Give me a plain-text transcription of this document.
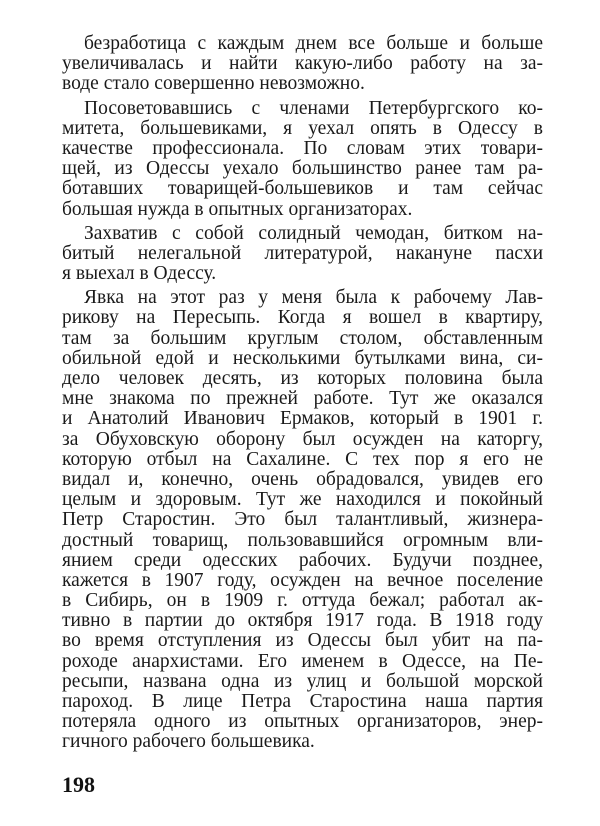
безработица с каждым днем все больше и больше
увеличивалась и найти какую-либо работу на за-
воде стало совершенно невозможно.
Посоветовавшись с членами Петербургского ко-
митета, большевиками, я уехал опять в Одессу в
качестве профессионала. По словам этих товари-
щей, из Одессы уехало большинство ранее там ра-
ботавших товарищей-большевиков и там сейчас
большая нужда в опытных организаторах.
Захватив с собой солидный чемодан, битком на-
битый нелегальной литературой, накануне пасхи
я выехал в Одессу.
Явка на этот раз у меня была к рабочему Лав-
рикову на Пересыпь. Когда я вошел в квартиру,
там за большим круглым столом, обставленным
обильной едой и несколькими бутылками вина, си-
дело человек десять, из которых половина была
мне знакома по прежней работе. Тут же оказался
и Анатолий Иванович Ермаков, который в 1901 г.
за Обуховскую оборону был осужден на каторгу,
которую отбыл на Сахалине. С тех пор я его не
видал и, конечно, очень обрадовался, увидев его
целым и здоровым. Тут же находился и покойный
Петр Старостин. Это был талантливый, жизнера-
достный товарищ, пользовавшийся огромным вли-
янием среди одесских рабочих. Будучи позднее,
кажется в 1907 году, осужден на вечное поселение
в Сибирь, он в 1909 г. оттуда бежал; работал ак-
тивно в партии до октября 1917 года. В 1918 году
во время отступления из Одессы был убит на па-
роходе анархистами. Его именем в Одессе, на Пе-
ресыпи, названа одна из улиц и большой морской
пароход. В лице Петра Старостина наша партия
потеряла одного из опытных организаторов, энер-
гичного рабочего большевика.
198
